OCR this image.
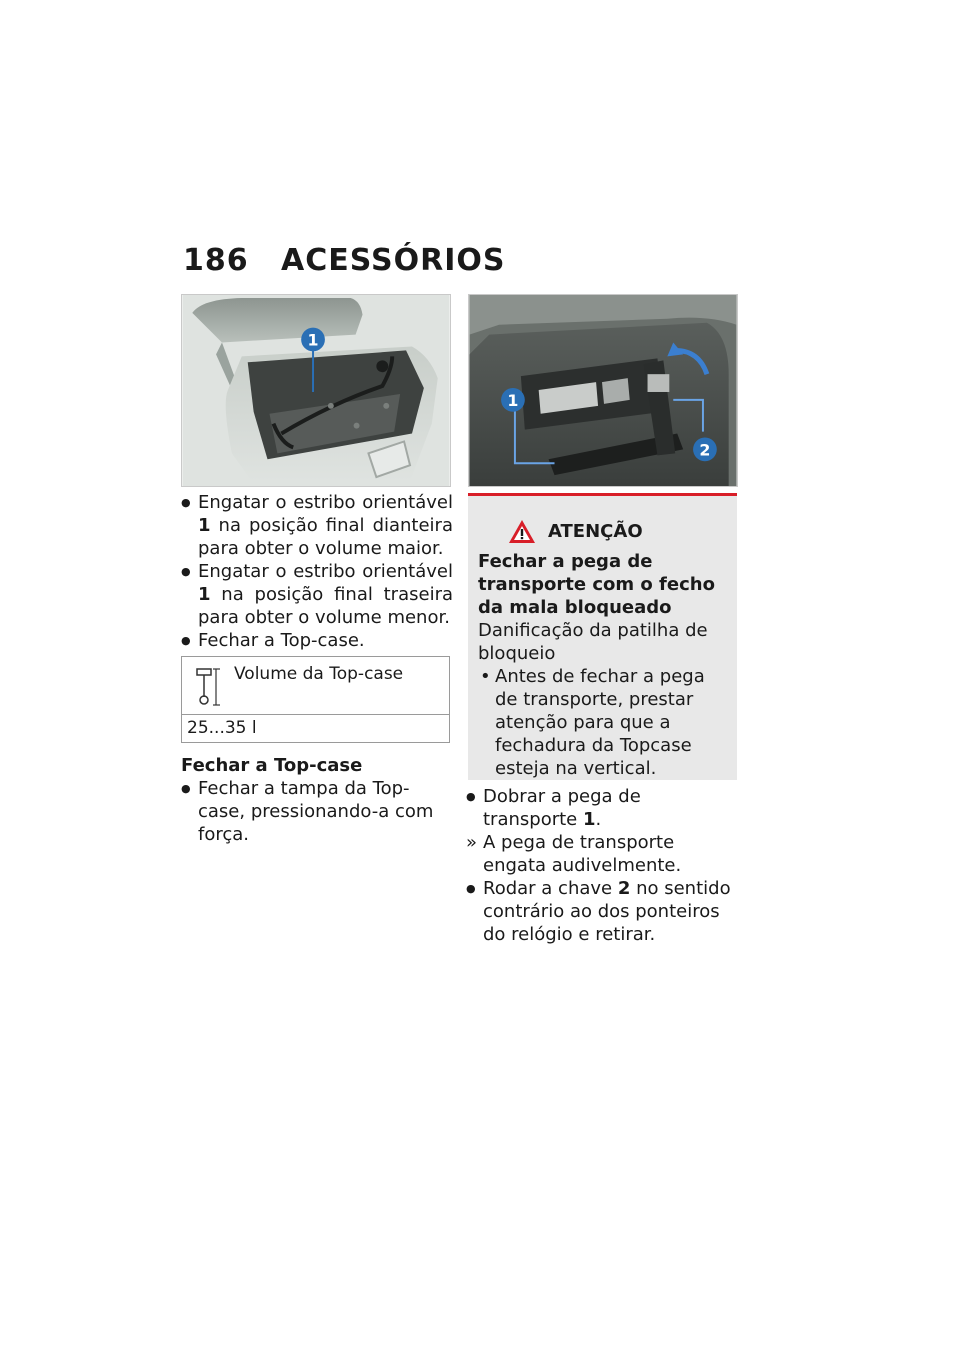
186	ACESSÓRIOS
1
1
2
● Engatar o estribo orientável 1 na posição final dianteira para obter o volume maior.
● Engatar o estribo orientável 1 na posição final traseira para obter o volume menor.
● Fechar a Top-case.
Volume da Top-case

25...35 l
Fechar a Top-case
● Fechar a tampa da Top-case, pressionando-a com força.
ATENÇÃO
Fechar a pega de transporte com o fecho da mala bloqueado
Danificação da patilha de bloqueio
• Antes de fechar a pega de transporte, prestar atenção para que a fechadura da Topcase esteja na vertical.
● Dobrar a pega de transporte 1.
» A pega de transporte engata audivelmente.
● Rodar a chave 2 no sentido contrário ao dos ponteiros do relógio e retirar.
